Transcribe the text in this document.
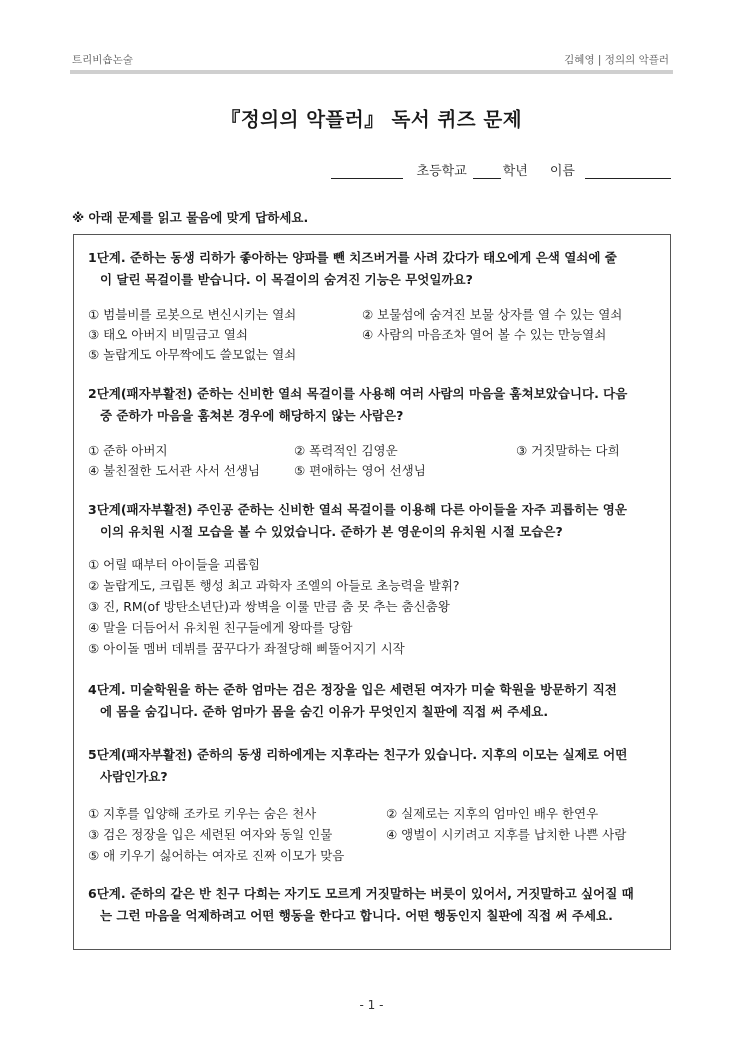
트리비숍논술	김혜영 | 정의의 악플러
『정의의 악플러』 독서 퀴즈 문제
초등학교	학년 이름
※ 아래 문제를 읽고 물음에 맞게 답하세요.
1단계. 준하는 동생 리하가 좋아하는 양파를 뺀 치즈버거를 사려 갔다가 태오에게 은색 열쇠에 줄
이 달린 목걸이를 받습니다. 이 목걸이의 숨겨진 기능은 무엇일까요?
① 범블비를 로봇으로 변신시키는 열쇠	② 보물섬에 숨겨진 보물 상자를 열 수 있는 열쇠
③ 태오 아버지 비밀금고 열쇠	④ 사람의 마음조차 열어 볼 수 있는 만능열쇠
⑤ 놀랍게도 아무짝에도 쓸모없는 열쇠
2단계(패자부활전) 준하는 신비한 열쇠 목걸이를 사용해 여러 사람의 마음을 훔쳐보았습니다. 다음
중 준하가 마음을 훔쳐본 경우에 해당하지 않는 사람은?
① 준하 아버지	② 폭력적인 김영운	③ 거짓말하는 다희
④ 불친절한 도서관 사서 선생님	⑤ 편애하는 영어 선생님
3단계(패자부활전) 주인공 준하는 신비한 열쇠 목걸이를 이용해 다른 아이들을 자주 괴롭히는 영운
이의 유치원 시절 모습을 볼 수 있었습니다. 준하가 본 영운이의 유치원 시절 모습은?
① 어릴 때부터 아이들을 괴롭힘
② 놀랍게도, 크립톤 행성 최고 과학자 조엘의 아들로 초능력을 발휘?
③ 진, RM(of 방탄소년단)과 쌍벽을 이룰 만큼 춤 못 추는 춤신춤왕
④ 말을 더듬어서 유치원 친구들에게 왕따를 당함
⑤ 아이돌 멤버 데뷔를 꿈꾸다가 좌절당해 삐뚤어지기 시작
4단계. 미술학원을 하는 준하 엄마는 검은 정장을 입은 세련된 여자가 미술 학원을 방문하기 직전
에 몸을 숨깁니다. 준하 엄마가 몸을 숨긴 이유가 무엇인지 칠판에 직접 써 주세요.
5단계(패자부활전) 준하의 동생 리하에게는 지후라는 친구가 있습니다. 지후의 이모는 실제로 어떤
사람인가요?
① 지후를 입양해 조카로 키우는 숨은 천사	② 실제로는 지후의 엄마인 배우 한연우
③ 검은 정장을 입은 세련된 여자와 동일 인물	④ 앵벌이 시키려고 지후를 납치한 나쁜 사람
⑤ 애 키우기 싫어하는 여자로 진짜 이모가 맞음
6단계. 준하의 같은 반 친구 다희는 자기도 모르게 거짓말하는 버릇이 있어서, 거짓말하고 싶어질 때
는 그런 마음을 억제하려고 어떤 행동을 한다고 합니다. 어떤 행동인지 칠판에 직접 써 주세요.
- 1 -
